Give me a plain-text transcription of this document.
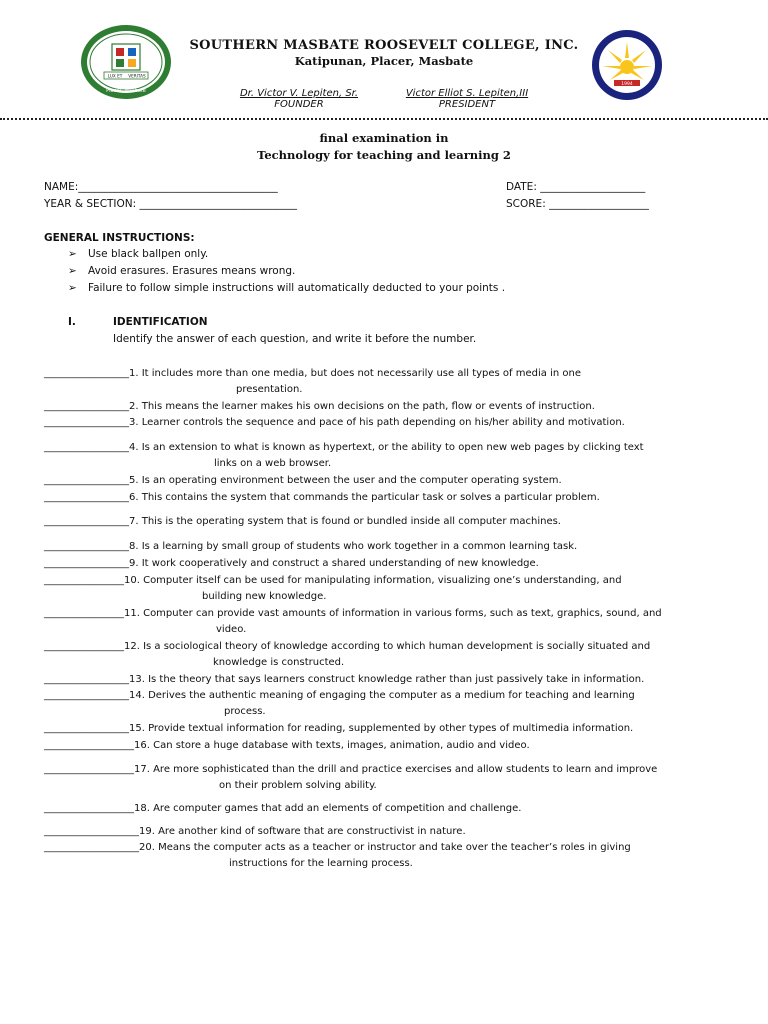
LUX ET VERITAS
Placer, Masbate
1994
SOUTHERN MASBATE ROOSEVELT COLLEGE, INC.
Katipunan, Placer, Masbate
Dr. Victor V. Lepiten, Sr.
FOUNDER
Victor Elliot S. Lepiten,III
PRESIDENT
final examination in
Technology for teaching and learning 2
NAME:______________________________________	DATE: ____________________
YEAR & SECTION: ______________________________	SCORE: ___________________
GENERAL INSTRUCTIONS:
➢ Use black ballpen only.
➢ Avoid erasures. Erasures means wrong.
➢ Failure to follow simple instructions will automatically deducted to your points .
I.	IDENTIFICATION
Identify the answer of each question, and write it before the number.
_________________1. It includes more than one media, but does not necessarily use all types of media in one
presentation.
_________________2. This means the learner makes his own decisions on the path, flow or events of instruction.
_________________3. Learner controls the sequence and pace of his path depending on his/her ability and motivation.
_________________4. Is an extension to what is known as hypertext, or the ability to open new web pages by clicking text
links on a web browser.
_________________5. Is an operating environment between the user and the computer operating system.
_________________6. This contains the system that commands the particular task or solves a particular problem.
_________________7. This is the operating system that is found or bundled inside all computer machines.
_________________8. Is a learning by small group of students who work together in a common learning task.
_________________9. It work cooperatively and construct a shared understanding of new knowledge.
________________10. Computer itself can be used for manipulating information, visualizing one’s understanding, and
building new knowledge.
________________11. Computer can provide vast amounts of information in various forms, such as text, graphics, sound, and
video.
________________12. Is a sociological theory of knowledge according to which human development is socially situated and
knowledge is constructed.
_________________13. Is the theory that says learners construct knowledge rather than just passively take in information.
_________________14. Derives the authentic meaning of engaging the computer as a medium for teaching and learning
process.
_________________15. Provide textual information for reading, supplemented by other types of multimedia information.
__________________16. Can store a huge database with texts, images, animation, audio and video.
__________________17. Are more sophisticated than the drill and practice exercises and allow students to learn and improve
on their problem solving ability.
__________________18. Are computer games that add an elements of competition and challenge.
___________________19. Are another kind of software that are constructivist in nature.
___________________20. Means the computer acts as a teacher or instructor and take over the teacher’s roles in giving
instructions for the learning process.
